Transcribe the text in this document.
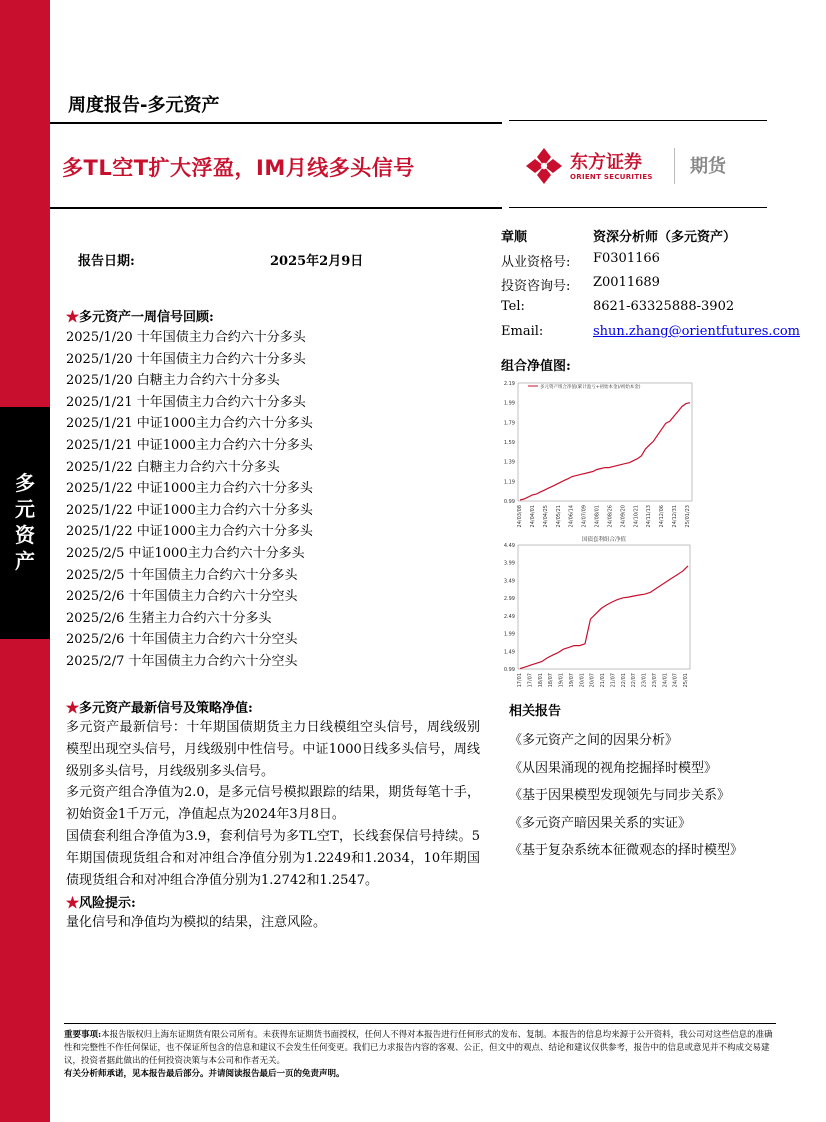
多元资产
周度报告-多元资产
多TL空T扩大浮盈，IM月线多头信号	东方证券
ORIENT SECURITIES 期货
报告日期:	2025年2月9日
章顺	资深分析师（多元资产）
从业资格号: F0301166
投资咨询号: Z0011689
Tel:	8621-63325888-3902
Email:	shun.zhang@orientfutures.com
★多元资产一周信号回顾:
2025/1/20 十年国债主力合约六十分多头
2025/1/20 十年国债主力合约六十分多头
2025/1/20 白糖主力合约六十分多头
2025/1/21 十年国债主力合约六十分多头
2025/1/21 中证1000主力合约六十分多头
2025/1/21 中证1000主力合约六十分多头
2025/1/22 白糖主力合约六十分多头
2025/1/22 中证1000主力合约六十分多头
2025/1/22 中证1000主力合约六十分多头
2025/1/22 中证1000主力合约六十分多头
2025/2/5 中证1000主力合约六十分多头
2025/2/5 十年国债主力合约六十分多头
2025/2/6 十年国债主力合约六十分空头
2025/2/6 生猪主力合约六十分多头
2025/2/6 十年国债主力合约六十分空头
2025/2/7 十年国债主力合约六十分空头
★多元资产最新信号及策略净值:
多元资产最新信号：十年期国债期货主力日线模组空头信号，周线级别模型出现空头信号，月线级别中性信号。中证1000日线多头信号，周线级别多头信号，月线级别多头信号。
多元资产组合净值为2.0，是多元信号模拟跟踪的结果，期货每笔十手，初始资金1千万元，净值起点为2024年3月8日。
国债套利组合净值为3.9，套利信号为多TL空T，长线套保信号持续。5年期国债现货组合和对冲组合净值分别为1.2249和1.2034，10年期国债现货组合和对冲组合净值分别为1.2742和1.2547。
★风险提示:
量化信号和净值均为模拟的结果，注意风险。
组合净值图:
0.99
1.19
1.39
1.59
1.79
1.99
2.19
24/03/08 24/04/01 24/04/25 24/05/21 24/06/14 24/07/09 24/08/01 24/08/26 24/09/20 24/10/21 24/11/13 24/12/06 24/12/31 25/01/23
多元资产组合净值(累计盈亏+初始本金)/初始本金)
0.99
1.49
1.99
2.49
2.99
3.49
3.99
4.49
17/01 17/07 18/01 18/07 19/01 19/07 20/01 20/07 21/01 21/07 22/01 22/07 23/01 23/07 24/01 24/07 25/01
国债套利组合净值
相关报告
《多元资产之间的因果分析》
《从因果涌现的视角挖掘择时模型》
《基于因果模型发现领先与同步关系》
《多元资产暗因果关系的实证》
《基于复杂系统本征微观态的择时模型》
重要事项:本报告版权归上海东证期货有限公司所有。未获得东证期货书面授权，任何人不得对本报告进行任何形式的发布、复制。本报告的信息均来源于公开资料，我公司对这些信息的准确性和完整性不作任何保证，也不保证所包含的信息和建议不会发生任何变更。我们已力求报告内容的客观、公正，但文中的观点、结论和建议仅供参考，报告中的信息或意见并不构成交易建议，投资者据此做出的任何投资决策与本公司和作者无关。
有关分析师承诺，见本报告最后部分。并请阅读报告最后一页的免责声明。
